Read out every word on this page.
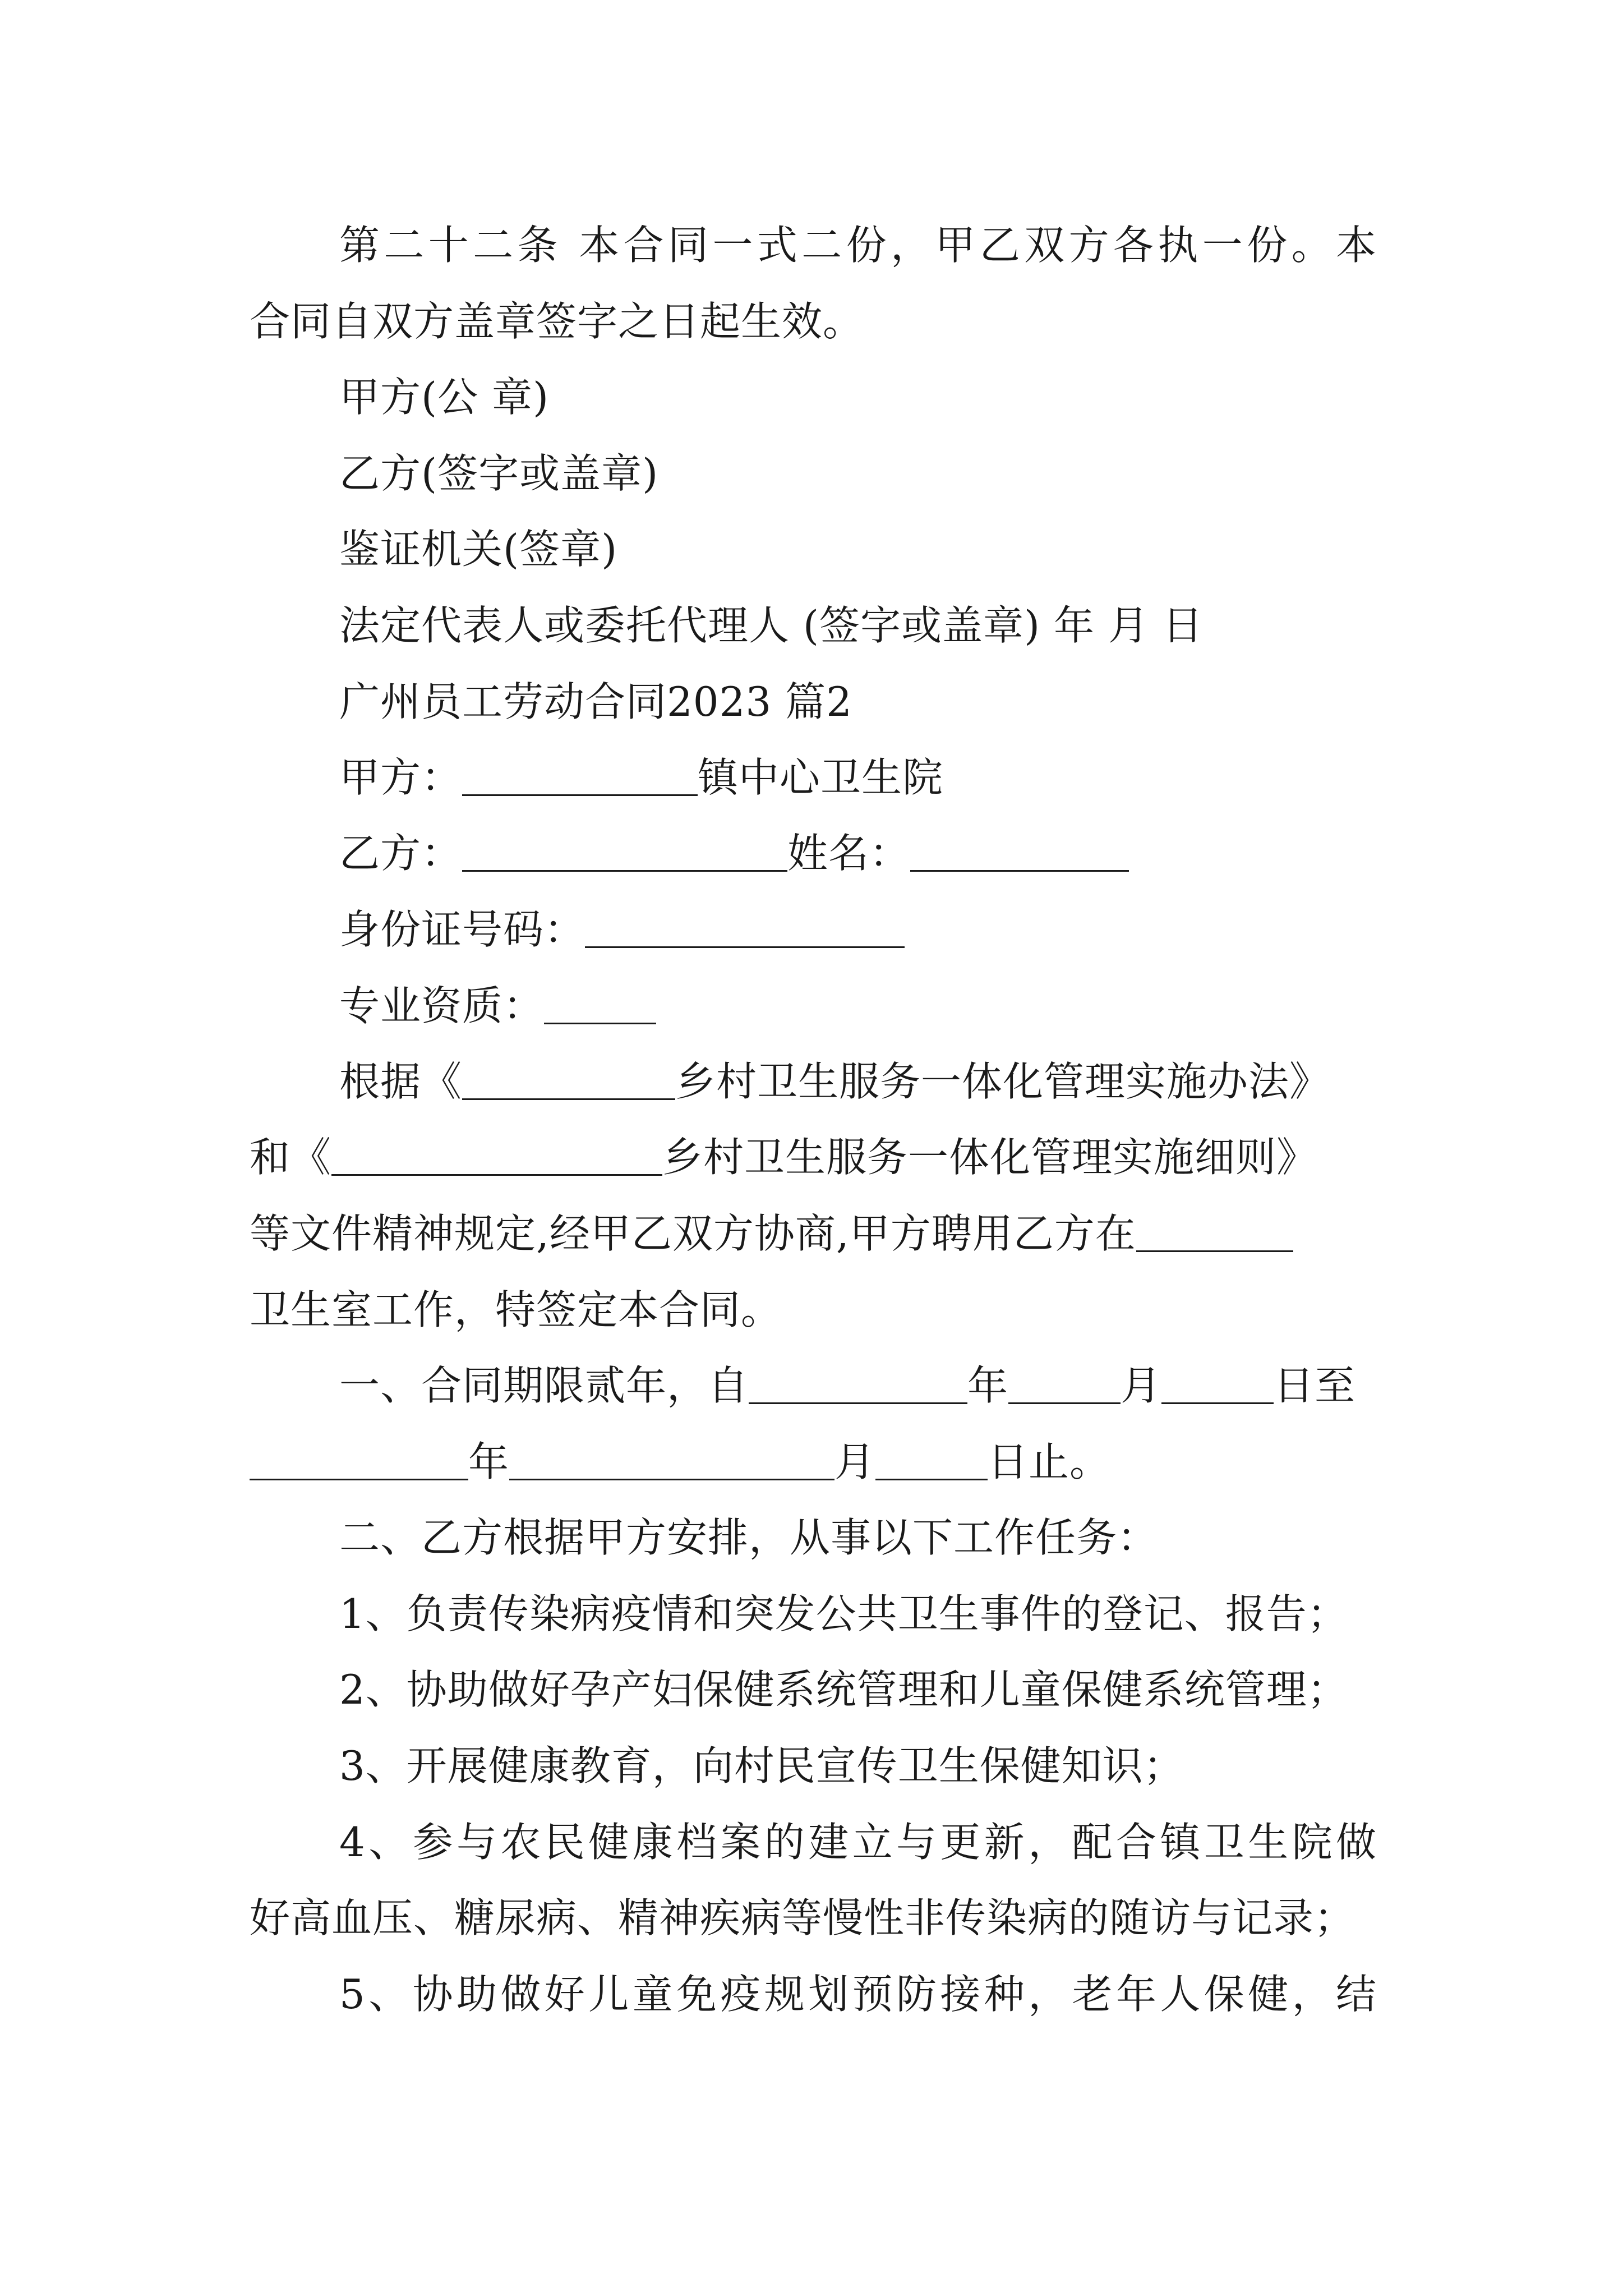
第二十二条 本合同一式二份，甲乙双方各执一份。本
合同自双方盖章签字之日起生效。
甲方(公 章)
乙方(签字或盖章)
鉴证机关(签章)
法定代表人或委托代理人 (签字或盖章) 年 月 日
广州员工劳动合同2023 篇2
甲方：	镇中心卫生院
乙方：	姓名：
身份证号码：
专业资质：
根据《	乡村卫生服务一体化管理实施办法》
和《	乡村卫生服务一体化管理实施细则》
等文件精神规定,经甲乙双方协商,甲方聘用乙方在
卫生室工作，特签定本合同。
一、合同期限贰年，自	年	月	日至
年	月	日止。
二、乙方根据甲方安排，从事以下工作任务：
1、负责传染病疫情和突发公共卫生事件的登记、报告；
2、协助做好孕产妇保健系统管理和儿童保健系统管理；
3、开展健康教育，向村民宣传卫生保健知识；
4、参与农民健康档案的建立与更新，配合镇卫生院做
好高血压、糖尿病、精神疾病等慢性非传染病的随访与记录；
5、协助做好儿童免疫规划预防接种，老年人保健，结
